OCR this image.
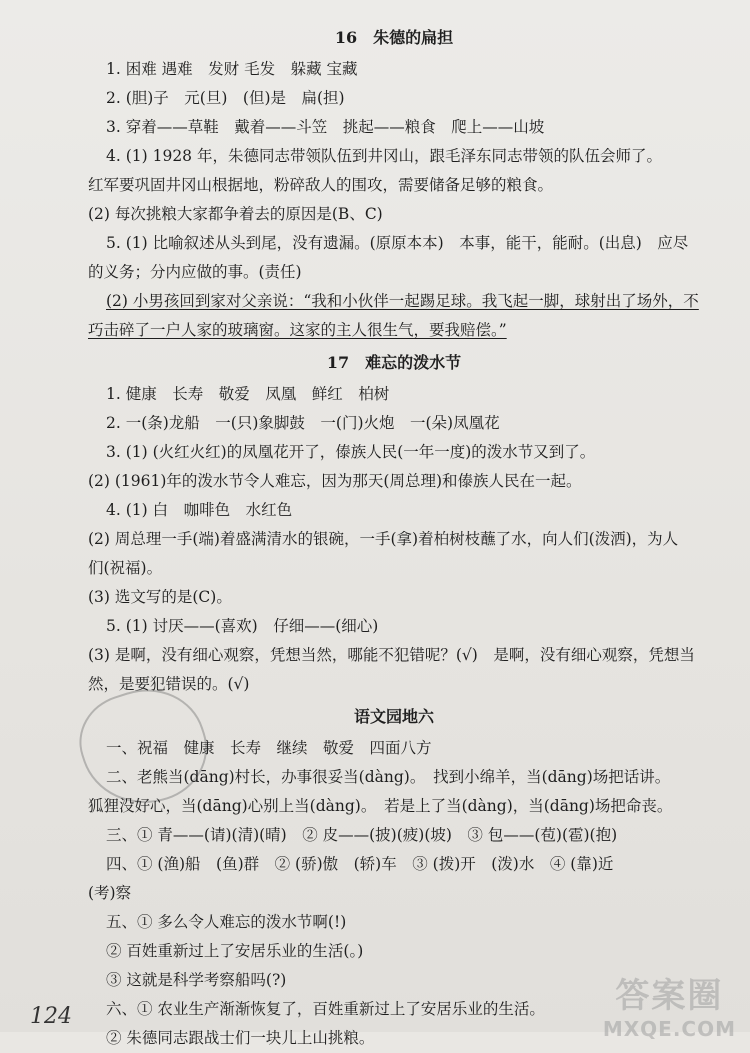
16　朱德的扁担
1. 困难 遇难　发财 毛发　躲藏 宝藏
2. (胆)子　元(旦)　(但)是　扁(担)
3. 穿着——草鞋　戴着——斗笠　挑起——粮食　爬上——山坡
4. (1) 1928 年，朱德同志带领队伍到井冈山，跟毛泽东同志带领的队伍会师了。
红军要巩固井冈山根据地，粉碎敌人的围攻，需要储备足够的粮食。
(2) 每次挑粮大家都争着去的原因是(B、C)
5. (1) 比喻叙述从头到尾，没有遗漏。(原原本本)　本事，能干，能耐。(出息)　应尽
的义务；分内应做的事。(责任)
(2) 小男孩回到家对父亲说：“我和小伙伴一起踢足球。我飞起一脚，球射出了场外，不
巧击碎了一户人家的玻璃窗。这家的主人很生气，要我赔偿。”
17　难忘的泼水节
1. 健康　长寿　敬爱　凤凰　鲜红　柏树
2. 一(条)龙船　一(只)象脚鼓　一(门)火炮　一(朵)凤凰花
3. (1) (火红火红)的凤凰花开了，傣族人民(一年一度)的泼水节又到了。
(2) (1961)年的泼水节令人难忘，因为那天(周总理)和傣族人民在一起。
4. (1) 白　咖啡色　水红色
(2) 周总理一手(端)着盛满清水的银碗，一手(拿)着柏树枝蘸了水，向人们(泼洒)，为人
们(祝福)。
(3) 选文写的是(C)。
5. (1) 讨厌——(喜欢)　仔细——(细心)
(3) 是啊，没有细心观察，凭想当然，哪能不犯错呢？(√)　是啊，没有细心观察，凭想当
然，是要犯错误的。(√)
语文园地六
一、祝福　健康　长寿　继续　敬爱　四面八方
二、老熊当(dāng)村长，办事很妥当(dàng)。　找到小绵羊，当(dāng)场把话讲。
狐狸没好心，当(dāng)心别上当(dàng)。　若是上了当(dàng)，当(dāng)场把命丧。
三、① 青——(请)(清)(晴)　② 皮——(披)(疲)(坡)　③ 包——(苞)(雹)(抱)
四、① (渔)船　(鱼)群　② (骄)傲　(轿)车　③ (拨)开　(泼)水　④ (靠)近
(考)察
五、① 多么令人难忘的泼水节啊(!)
② 百姓重新过上了安居乐业的生活(。)
③ 这就是科学考察船吗(?)
六、① 农业生产渐渐恢复了，百姓重新过上了安居乐业的生活。
② 朱德同志跟战士们一块儿上山挑粮。
124
答案圈
MXQE.COM
